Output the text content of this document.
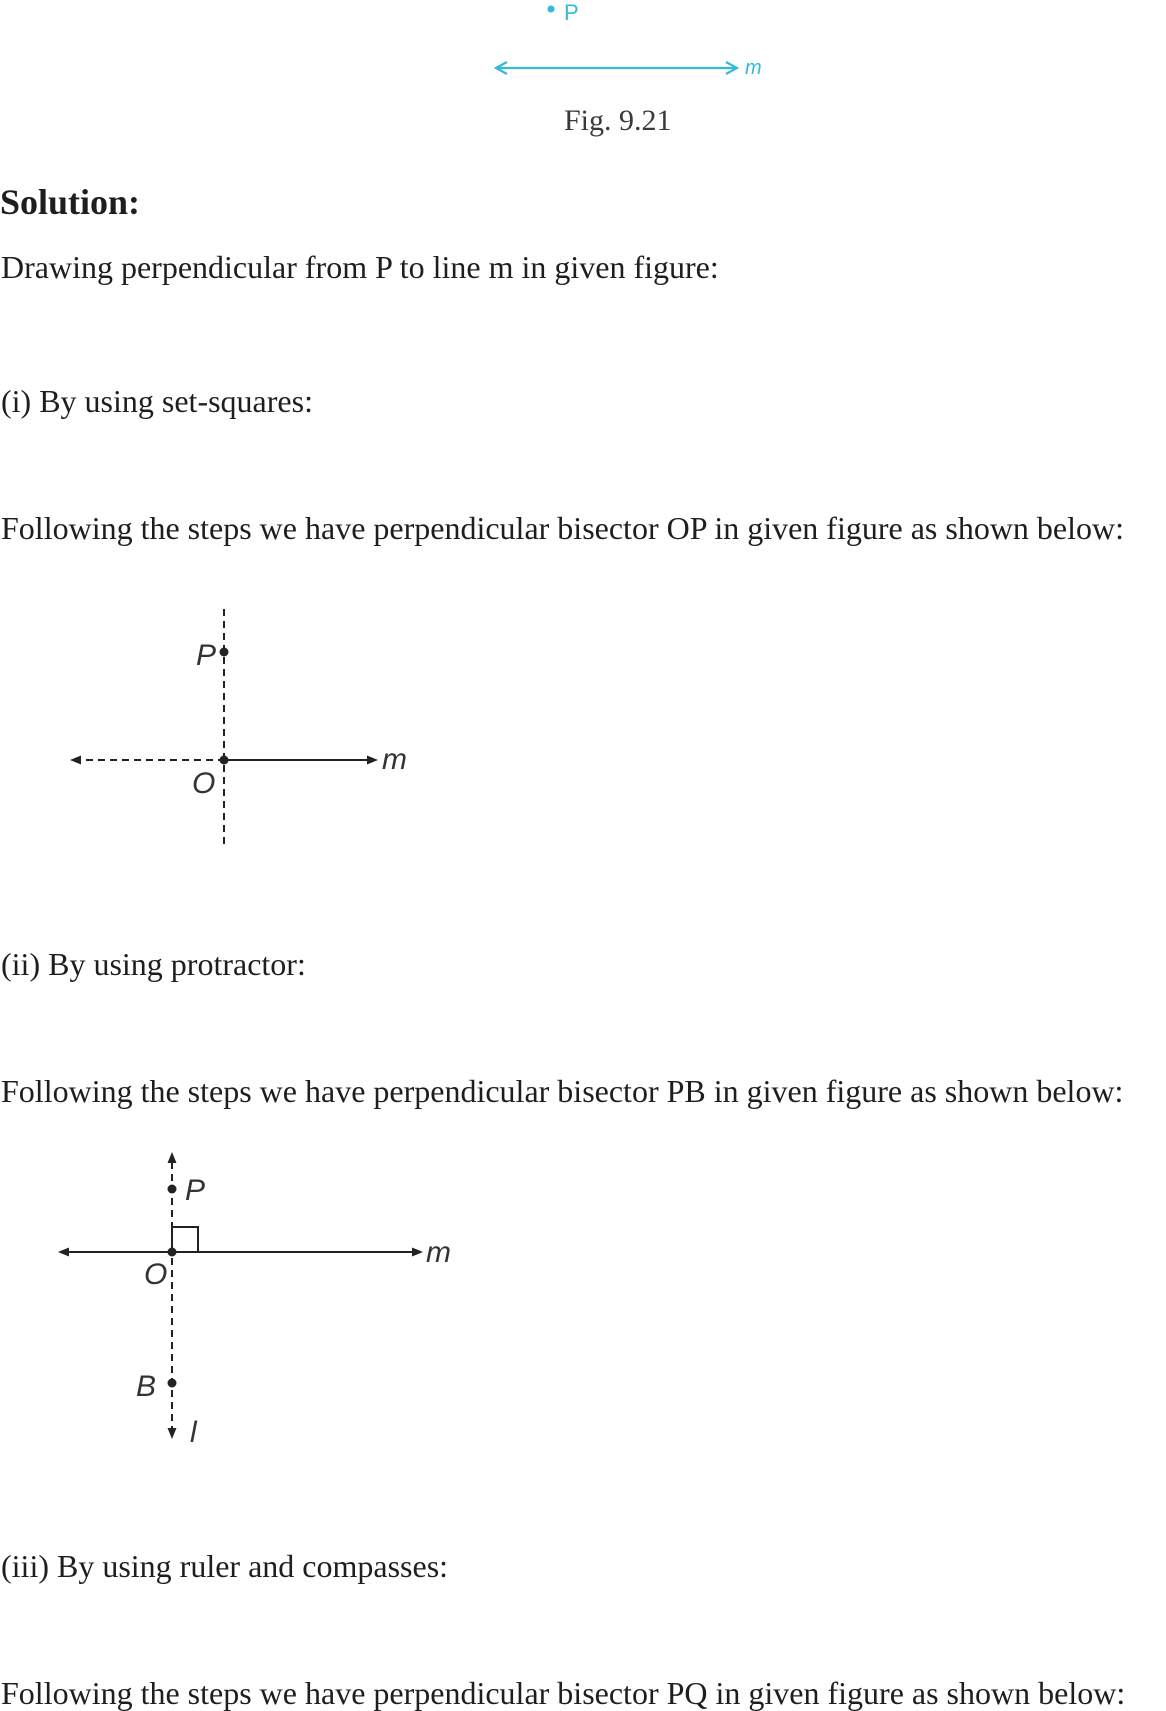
P
m
Fig. 9.21
Solution:
Drawing perpendicular from P to line m in given figure:
(i) By using set-squares:
Following the steps we have perpendicular bisector OP in given figure as shown below:
P
O
m
(ii) By using protractor:
Following the steps we have perpendicular bisector PB in given figure as shown below:
P
O
m
B
l
(iii) By using ruler and compasses:
Following the steps we have perpendicular bisector PQ in given figure as shown below:
